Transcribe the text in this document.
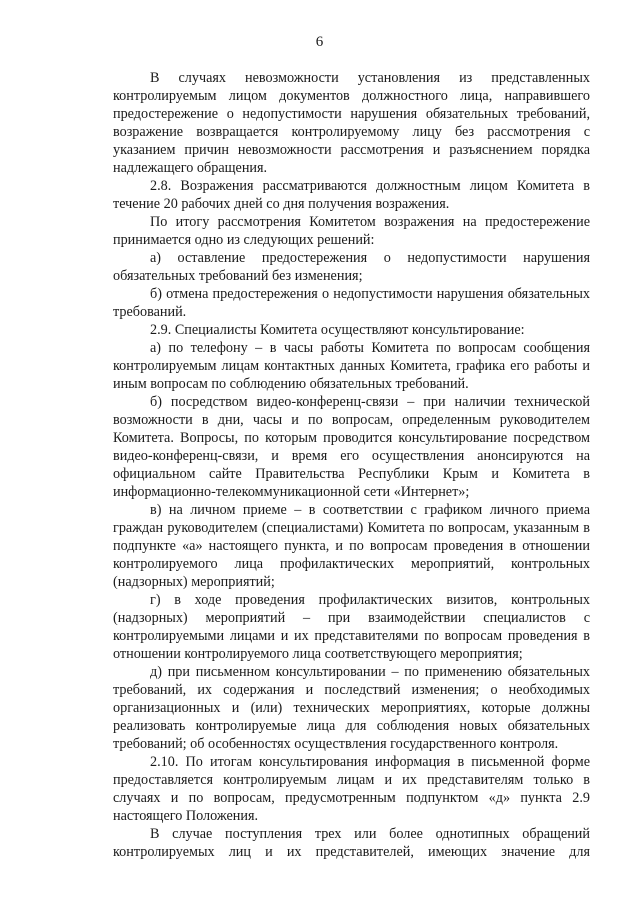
6
В случаях невозможности установления из представленных
контролируемым лицом документов должностного лица, направившего
предостережение о недопустимости нарушения обязательных требований,
возражение возвращается контролируемому лицу без рассмотрения с
указанием причин невозможности рассмотрения и разъяснением порядка
надлежащего обращения.
2.8. Возражения рассматриваются должностным лицом Комитета в
течение 20 рабочих дней со дня получения возражения.
По итогу рассмотрения Комитетом возражения на предостережение
принимается одно из следующих решений:
а) оставление предостережения о недопустимости нарушения
обязательных требований без изменения;
б) отмена предостережения о недопустимости нарушения обязательных
требований.
2.9. Специалисты Комитета осуществляют консультирование:
а) по телефону – в часы работы Комитета по вопросам сообщения
контролируемым лицам контактных данных Комитета, графика его работы и
иным вопросам по соблюдению обязательных требований.
б) посредством видео-конференц-связи – при наличии технической
возможности в дни, часы и по вопросам, определенным руководителем
Комитета. Вопросы, по которым проводится консультирование посредством
видео-конференц-связи, и время его осуществления анонсируются на
официальном сайте Правительства Республики Крым и Комитета в
информационно-телекоммуникационной сети «Интернет»;
в) на личном приеме – в соответствии с графиком личного приема
граждан руководителем (специалистами) Комитета по вопросам, указанным в
подпункте «а» настоящего пункта, и по вопросам проведения в отношении
контролируемого лица профилактических мероприятий, контрольных
(надзорных) мероприятий;
г) в ходе проведения профилактических визитов, контрольных
(надзорных) мероприятий – при взаимодействии специалистов с
контролируемыми лицами и их представителями по вопросам проведения в
отношении контролируемого лица соответствующего мероприятия;
д) при письменном консультировании – по применению обязательных
требований, их содержания и последствий изменения; о необходимых
организационных и (или) технических мероприятиях, которые должны
реализовать контролируемые лица для соблюдения новых обязательных
требований; об особенностях осуществления государственного контроля.
2.10. По итогам консультирования информация в письменной форме
предоставляется контролируемым лицам и их представителям только в
случаях и по вопросам, предусмотренным подпунктом «д» пункта 2.9
настоящего Положения.
В случае поступления трех или более однотипных обращений
контролируемых лиц и их представителей, имеющих значение для
